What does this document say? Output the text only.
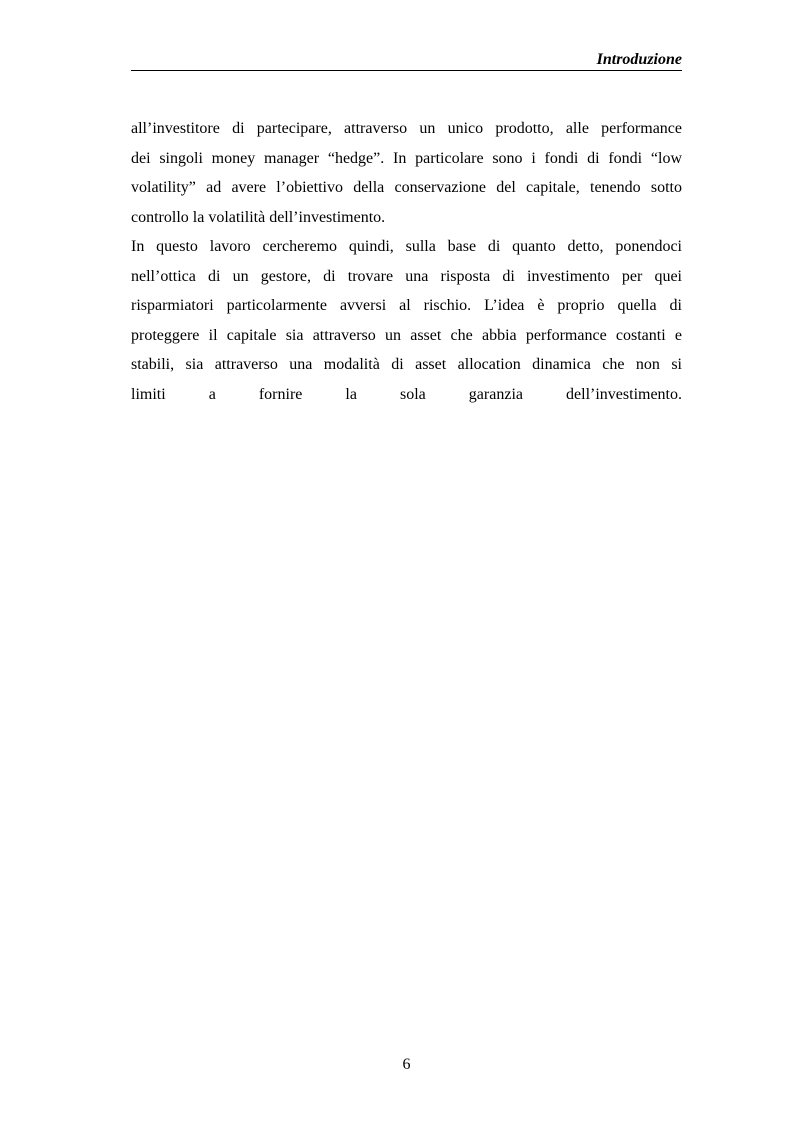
Introduzione

all’investitore di partecipare, attraverso un unico prodotto, alle performance
dei singoli money manager “hedge”. In particolare sono i fondi di fondi “low
volatility” ad avere l’obiettivo della conservazione del capitale, tenendo sotto
controllo la volatilità dell’investimento.

In questo lavoro cercheremo quindi, sulla base di quanto detto, ponendoci
nell’ottica di un gestore, di trovare una risposta di investimento per quei
risparmiatori particolarmente avversi al rischio. L’idea è proprio quella di
proteggere il capitale sia attraverso un asset che abbia performance costanti e
stabili, sia attraverso una modalità di asset allocation dinamica che non si
limiti a fornire la sola garanzia dell’investimento.

6
